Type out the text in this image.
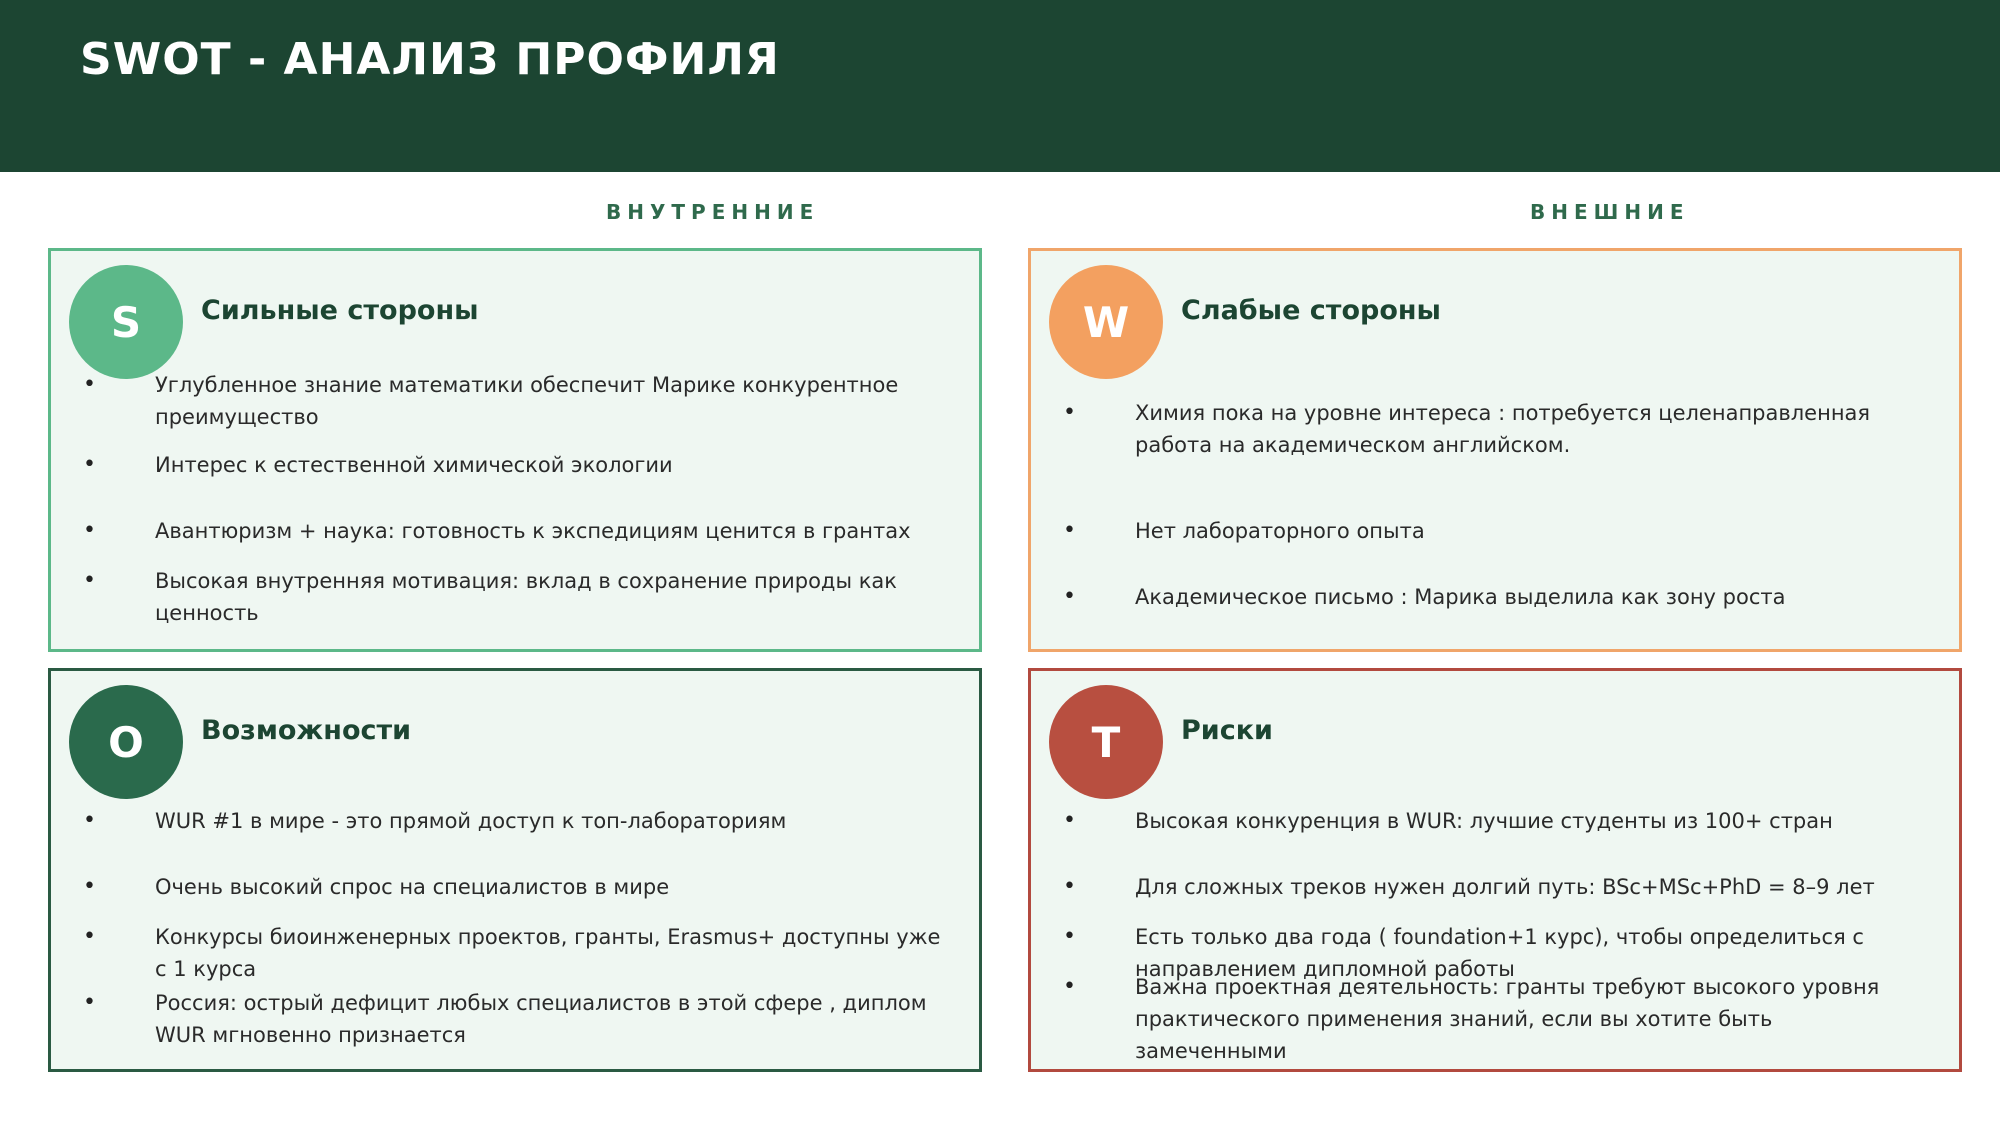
SWOT - АНАЛИЗ ПРОФИЛЯ
ВНУТРЕННИЕ	ВНЕШНИЕ
S	Сильные стороны
• Углубленное знание математики обеспечит Марике конкурентное преимущество
• Интерес к естественной химической экологии
• Авантюризм + наука: готовность к экспедициям ценится в грантах
• Высокая внутренняя мотивация: вклад в сохранение природы как ценность
W	Слабые стороны
• Химия пока на уровне интереса : потребуется целенаправленная работа на академическом английском.
• Нет лабораторного опыта
• Академическое письмо : Марика выделила как зону роста
O	Возможности
• WUR #1 в мире - это прямой доступ к топ-лабораториям
• Очень высокий спрос на специалистов в мире
• Конкурсы биоинженерных проектов, гранты, Erasmus+ доступны уже с 1 курса
• Россия: острый дефицит любых специалистов в этой сфере , диплом WUR мгновенно признается
T	Риски
• Высокая конкуренция в WUR: лучшие студенты из 100+ стран
• Для сложных треков нужен долгий путь: BSc+MSc+PhD = 8–9 лет
• Есть только два года ( foundation+1 курс), чтобы определиться с направлением дипломной работы
• Важна проектная деятельность: гранты требуют высокого уровня практического применения знаний, если вы хотите быть замеченными
